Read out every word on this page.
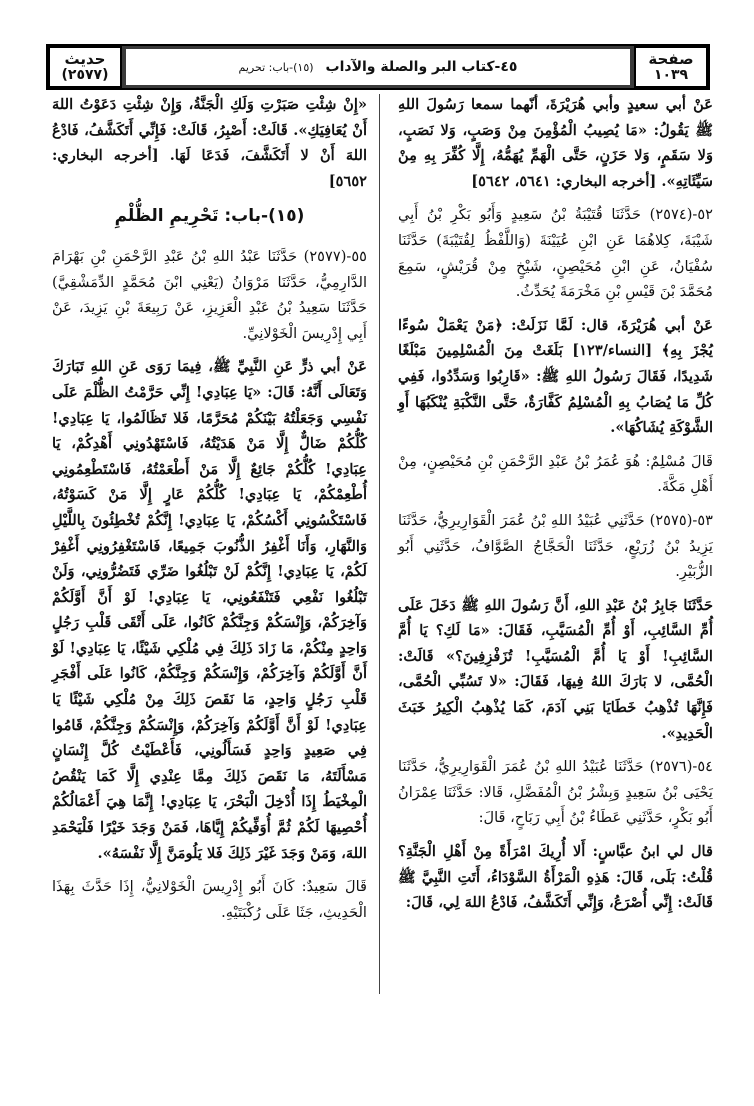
حديث
(٢٥٧٧)	٤٥-كتاب البر والصلة والآداب
(١٥)-باب: تحريم	صفحة
١٠٣٩

عَنْ أبي سعيدٍ وأبي هُرَيْرَةَ، أنّهما سمعا رَسُولَ اللهِ ﷺ يَقُولُ: «مَا يُصِيبُ الْمُؤْمِنَ مِنْ وَصَبٍ، وَلا نَصَبٍ، وَلا سَقَمٍ، وَلا حَزَنٍ، حَتَّى الْهَمِّ يُهَمُّهُ، إِلَّا كُفِّرَ بِهِ مِنْ سَيِّئَاتِهِ». [أخرجه البخاري: ٥٦٤١، ٥٦٤٢]

٥٢-(٢٥٧٤) حَدَّثَنَا قُتَيْبَةُ بْنُ سَعِيدٍ وَأَبُو بَكْرِ بْنُ أَبِي شَيْبَةَ، كِلاهُمَا عَنِ ابْنِ عُيَيْنَةَ (وَاللَّفْظُ لِقُتَيْبَةَ) حَدَّثَنَا سُفْيَانُ، عَنِ ابْنِ مُحَيْصِنٍ، شَيْخٍ مِنْ قُرَيْشٍ، سَمِعَ مُحَمَّدَ بْنَ قَيْسِ بْنِ مَخْرَمَةَ يُحَدِّثُ.

عَنْ أبي هُرَيْرَةَ، قال: لَمَّا نَزَلَتْ: ﴿مَنْ يَعْمَلْ سُوءًا يُجْزَ بِهِ﴾ [النساء/١٢٣] بَلَغَتْ مِنَ الْمُسْلِمِينَ مَبْلَغًا شَدِيدًا، فَقَالَ رَسُولُ اللهِ ﷺ: «قَارِبُوا وَسَدِّدُوا، فَفِي كُلِّ مَا يُصَابُ بِهِ الْمُسْلِمُ كَفَّارَةٌ، حَتَّى النَّكْبَةِ يُنْكَبُهَا أَوِ الشَّوْكَةِ يُشَاكُهَا».

قَالَ مُسْلِمٌ: هُوَ عُمَرُ بْنُ عَبْدِ الرَّحْمَنِ بْنِ مُحَيْصِنٍ، مِنْ أَهْلِ مَكَّةَ.

٥٣-(٢٥٧٥) حَدَّثَنِي عُبَيْدُ اللهِ بْنُ عُمَرَ الْقَوَارِيرِيُّ، حَدَّثَنَا يَزِيدُ بْنُ زُرَيْعٍ، حَدَّثَنَا الْحَجَّاجُ الصَّوَّافُ، حَدَّثَنِي أَبُو الزُّبَيْرِ.

حَدَّثَنَا جَابِرُ بْنُ عَبْدِ اللهِ، أَنَّ رَسُولَ اللهِ ﷺ دَخَلَ عَلَى أُمِّ السَّائِبِ، أَوْ أُمِّ الْمُسَيَّبِ، فَقَالَ: «مَا لَكِ؟ يَا أُمَّ السَّائِبِ! أَوْ يَا أُمَّ الْمُسَيَّبِ! تُزَفْزِفِينَ؟» قَالَتْ: الْحُمَّى، لا بَارَكَ اللهُ فِيهَا، فَقَالَ: «لا تَسُبِّي الْحُمَّى، فَإِنَّهَا تُذْهِبُ خَطَايَا بَنِي آدَمَ، كَمَا يُذْهِبُ الْكِيرُ خَبَثَ الْحَدِيدِ».

٥٤-(٢٥٧٦) حَدَّثَنَا عُبَيْدُ اللهِ بْنُ عُمَرَ الْقَوَارِيرِيُّ، حَدَّثَنَا يَحْيَى بْنُ سَعِيدٍ وَبِشْرُ بْنُ الْمُفَضَّلِ، قَالا: حَدَّثَنَا عِمْرَانُ أَبُو بَكْرٍ، حَدَّثَنِي عَطَاءُ بْنُ أَبِي رَبَاحٍ، قَالَ:

قال لي ابنُ عبَّاسٍ: أَلا أُرِيكَ امْرَأَةً مِنْ أَهْلِ الْجَنَّةِ؟ قُلْتُ: بَلَى، قَالَ: هَذِهِ الْمَرْأَةُ السَّوْدَاءُ، أَتَتِ النَّبِيَّ ﷺ قَالَتْ: إِنِّي أُصْرَعُ، وَإِنِّي أَتَكَشَّفُ، فَادْعُ اللهَ لِي، قَالَ:

«إِنْ شِئْتِ صَبَرْتِ وَلَكِ الْجَنَّةُ، وَإِنْ شِئْتِ دَعَوْتُ اللهَ أَنْ يُعَافِيَكِ». قَالَتْ: أَصْبِرُ، قَالَتْ: فَإِنِّي أَتَكَشَّفُ، فَادْعُ اللهَ أَنْ لا أَتَكَشَّفَ، فَدَعَا لَهَا. [أخرجه البخاري: ٥٦٥٢]

(١٥)-باب: تَحْرِيمِ الظُّلْمِ

٥٥-(٢٥٧٧) حَدَّثَنَا عَبْدُ اللهِ بْنُ عَبْدِ الرَّحْمَنِ بْنِ بَهْرَامَ الدَّارِمِيُّ، حَدَّثَنَا مَرْوَانُ (يَعْنِي ابْنَ مُحَمَّدٍ الدِّمَشْقِيَّ) حَدَّثَنَا سَعِيدُ بْنُ عَبْدِ الْعَزِيزِ، عَنْ رَبِيعَةَ بْنِ يَزِيدَ، عَنْ أَبِي إِدْرِيسَ الْخَوْلانِيِّ.

عَنْ أبي ذرٍّ عَنِ النَّبِيِّ ﷺ، فِيمَا رَوَى عَنِ اللهِ تَبَارَكَ وَتَعَالَى أَنَّهُ: قَالَ: «يَا عِبَادِي! إِنِّي حَرَّمْتُ الظُّلْمَ عَلَى نَفْسِي وَجَعَلْتُهُ بَيْنَكُمْ مُحَرَّمًا، فَلا تَظَالَمُوا، يَا عِبَادِي! كُلُّكُمْ ضَالٌّ إِلَّا مَنْ هَدَيْتُهُ، فَاسْتَهْدُونِي أَهْدِكُمْ، يَا عِبَادِي! كُلُّكُمْ جَائِعٌ إِلَّا مَنْ أَطْعَمْتُهُ، فَاسْتَطْعِمُونِي أُطْعِمْكُمْ، يَا عِبَادِي! كُلُّكُمْ عَارٍ إِلَّا مَنْ كَسَوْتُهُ، فَاسْتَكْسُونِي أَكْسُكُمْ، يَا عِبَادِي! إِنَّكُمْ تُخْطِئُونَ بِاللَّيْلِ وَالنَّهَارِ، وَأَنَا أَغْفِرُ الذُّنُوبَ جَمِيعًا، فَاسْتَغْفِرُونِي أَغْفِرْ لَكُمْ، يَا عِبَادِي! إِنَّكُمْ لَنْ تَبْلُغُوا ضَرِّي فَتَضُرُّونِي، وَلَنْ تَبْلُغُوا نَفْعِي فَتَنْفَعُونِي، يَا عِبَادِي! لَوْ أَنَّ أَوَّلَكُمْ وَآخِرَكُمْ، وَإِنْسَكُمْ وَجِنَّكُمْ كَانُوا، عَلَى أَتْقَى قَلْبِ رَجُلٍ وَاحِدٍ مِنْكُمْ، مَا زَادَ ذَلِكَ فِي مُلْكِي شَيْئًا، يَا عِبَادِي! لَوْ أَنَّ أَوَّلَكُمْ وَآخِرَكُمْ، وَإِنْسَكُمْ وَجِنَّكُمْ، كَانُوا عَلَى أَفْجَرِ قَلْبِ رَجُلٍ وَاحِدٍ، مَا نَقَصَ ذَلِكَ مِنْ مُلْكِي شَيْئًا يَا عِبَادِي! لَوْ أَنَّ أَوَّلَكُمْ وَآخِرَكُمْ، وَإِنْسَكُمْ وَجِنَّكُمْ، قَامُوا فِي صَعِيدٍ وَاحِدٍ فَسَأَلُونِي، فَأَعْطَيْتُ كُلَّ إِنْسَانٍ مَسْأَلَتَهُ، مَا نَقَصَ ذَلِكَ مِمَّا عِنْدِي إِلَّا كَمَا يَنْقُصُ الْمِخْيَطُ إِذَا أُدْخِلَ الْبَحْرَ، يَا عِبَادِي! إِنَّمَا هِيَ أَعْمَالُكُمْ أُحْصِيهَا لَكُمْ ثُمَّ أُوَفِّيكُمْ إِيَّاهَا، فَمَنْ وَجَدَ خَيْرًا فَلْيَحْمَدِ اللهَ، وَمَنْ وَجَدَ غَيْرَ ذَلِكَ فَلا يَلُومَنَّ إِلَّا نَفْسَهُ».

قَالَ سَعِيدٌ: كَانَ أَبُو إِدْرِيسَ الْخَوْلانِيُّ، إِذَا حَدَّثَ بِهَذَا الْحَدِيثِ، جَثَا عَلَى رُكْبَتَيْهِ.
